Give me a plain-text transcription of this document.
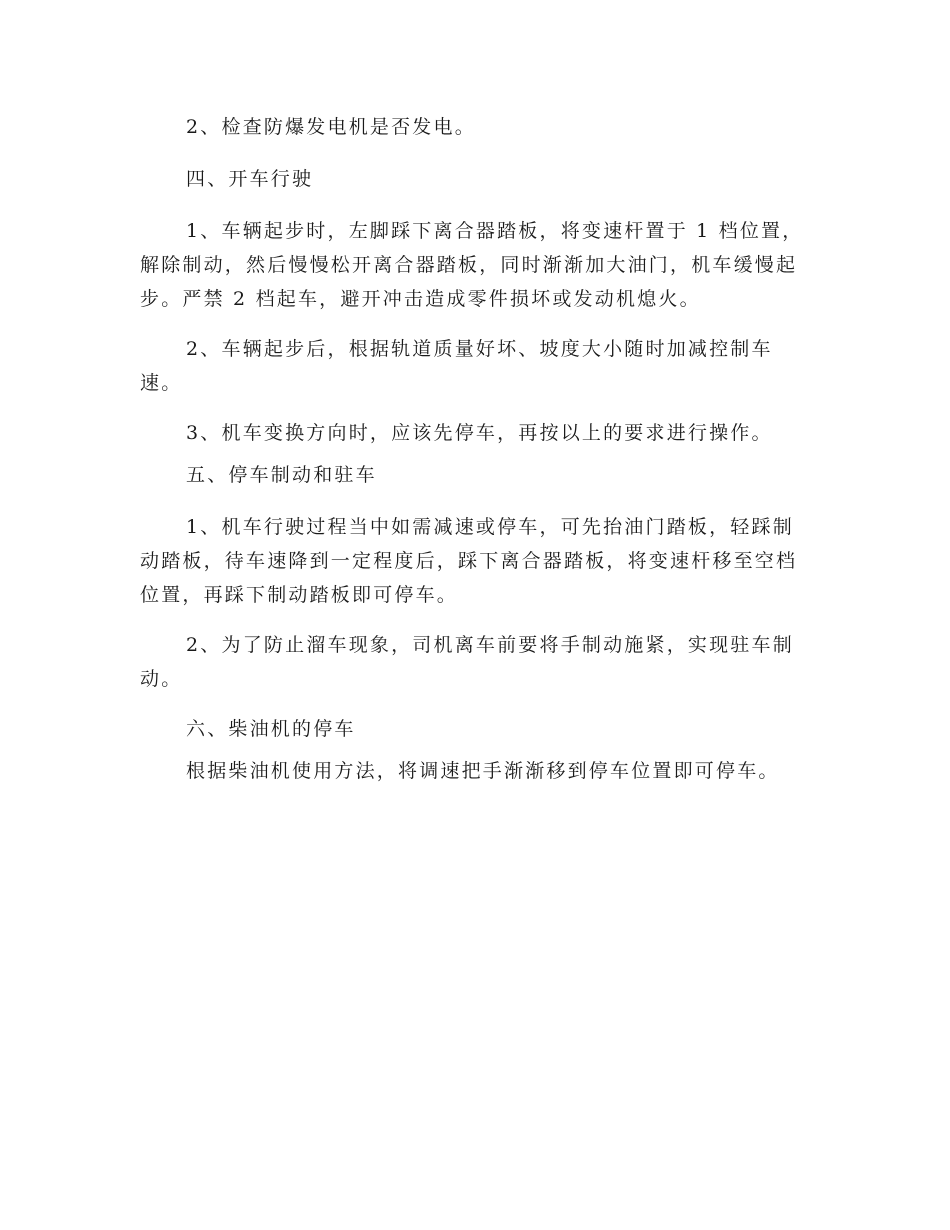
2、检查防爆发电机是否发电。

四、开车行驶

1、车辆起步时，左脚踩下离合器踏板，将变速杆置于 1 档位置，解除制动，然后慢慢松开离合器踏板，同时渐渐加大油门，机车缓慢起步。严禁 2 档起车，避开冲击造成零件损坏或发动机熄火。

2、车辆起步后，根据轨道质量好坏、坡度大小随时加减控制车速。

3、机车变换方向时，应该先停车，再按以上的要求进行操作。

五、停车制动和驻车

1、机车行驶过程当中如需减速或停车，可先抬油门踏板，轻踩制动踏板，待车速降到一定程度后，踩下离合器踏板，将变速杆移至空档位置，再踩下制动踏板即可停车。

2、为了防止溜车现象，司机离车前要将手制动施紧，实现驻车制动。

六、柴油机的停车

根据柴油机使用方法，将调速把手渐渐移到停车位置即可停车。
